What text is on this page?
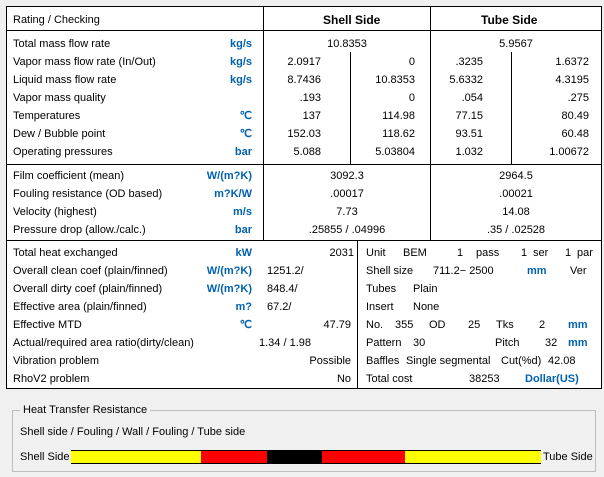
Rating / Checking	Shell Side	Tube Side
Total mass flow rate	kg/s	10.8353	5.9567
Vapor mass flow rate (In/Out)	kg/s	2.0917	0	.3235	1.6372
Liquid mass flow rate	kg/s	8.7436	10.8353	5.6332	4.3195
Vapor mass quality	.193	0	.054	.275
Temperatures	℃	137	114.98	77.15	80.49
Dew / Bubble point	℃	152.03	118.62	93.51	60.48
Operating pressures	bar	5.088	5.03804	1.032	1.00672
Film coefficient (mean)	W/(m?K)	3092.3	2964.5
Fouling resistance (OD based)	m?K/W	.00017	.00021
Velocity (highest)	m/s	7.73	14.08
Pressure drop (allow./calc.)	bar	.25855 / .04996	.35 / .02528
Total heat exchanged	kW	2031
Overall clean coef (plain/finned)	W/(m?K) 1251.2/
Overall dirty coef (plain/finned)	W/(m?K) 848.4/
Effective area (plain/finned)	m? 67.2/
Effective MTD	℃	47.79
Actual/required area ratio(dirty/clean)	1.34 / 1.98
Vibration problem	Possible
RhoV2 problem	No
Unit BEM	1 pass 1 ser 1 par
Shell size 711.2− 2500	mm Ver
Tubes Plain
Insert None
No. 355 OD 25 Tks 2 mm
Pattern 30	Pitch 32 mm
Baffles Single segmental Cut(%d) 42.08
Total cost	38253 Dollar(US)
Heat Transfer Resistance
Shell side / Fouling / Wall / Fouling / Tube side
Shell Side	Tube Side
